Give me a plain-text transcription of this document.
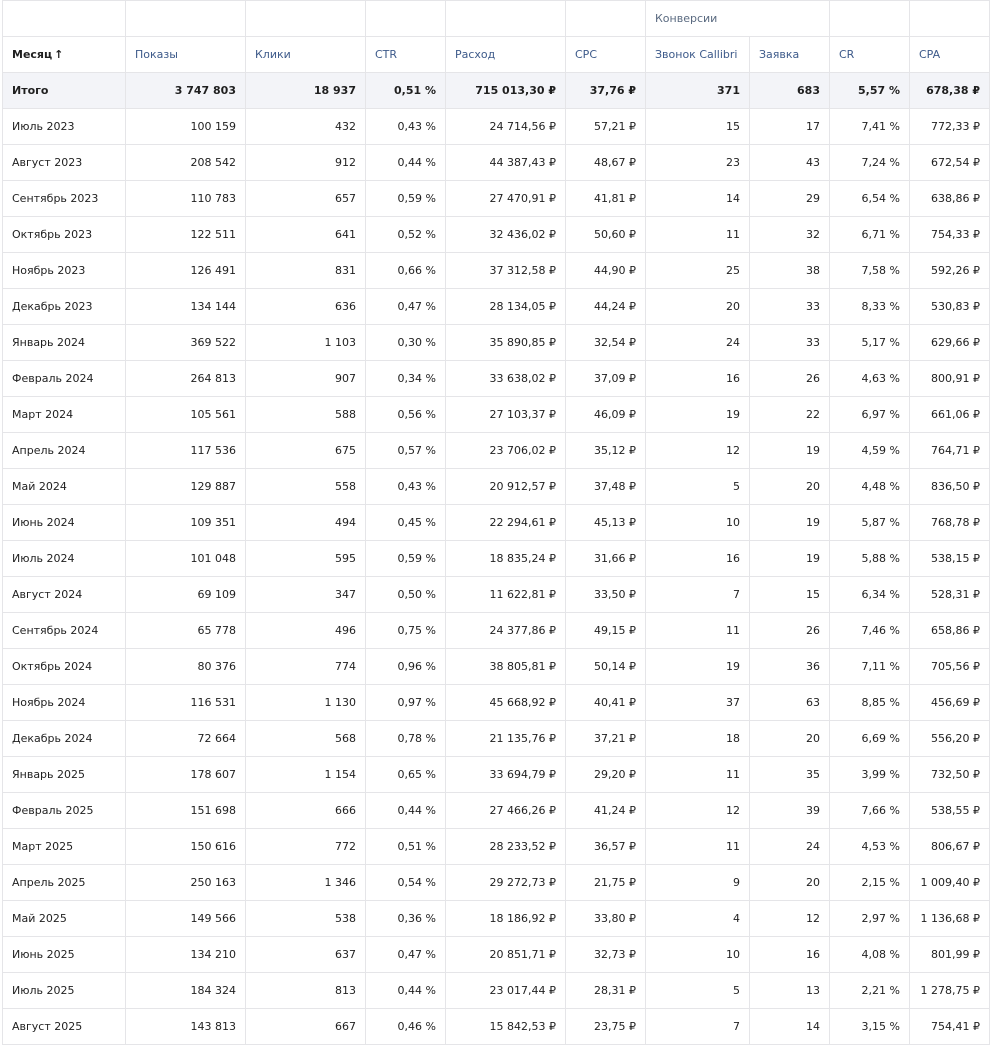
						Конверсии			
Месяц ↑	Показы	Клики	CTR	Расход	CPC	Звонок Callibri	Заявка	CR	CPA
Итого	3 747 803	18 937	0,51 %	715 013,30 ₽	37,76 ₽	371	683	5,57 %	678,38 ₽
Июль 2023	100 159	432	0,43 %	24 714,56 ₽	57,21 ₽	15	17	7,41 %	772,33 ₽
Август 2023	208 542	912	0,44 %	44 387,43 ₽	48,67 ₽	23	43	7,24 %	672,54 ₽
Сентябрь 2023	110 783	657	0,59 %	27 470,91 ₽	41,81 ₽	14	29	6,54 %	638,86 ₽
Октябрь 2023	122 511	641	0,52 %	32 436,02 ₽	50,60 ₽	11	32	6,71 %	754,33 ₽
Ноябрь 2023	126 491	831	0,66 %	37 312,58 ₽	44,90 ₽	25	38	7,58 %	592,26 ₽
Декабрь 2023	134 144	636	0,47 %	28 134,05 ₽	44,24 ₽	20	33	8,33 %	530,83 ₽
Январь 2024	369 522	1 103	0,30 %	35 890,85 ₽	32,54 ₽	24	33	5,17 %	629,66 ₽
Февраль 2024	264 813	907	0,34 %	33 638,02 ₽	37,09 ₽	16	26	4,63 %	800,91 ₽
Март 2024	105 561	588	0,56 %	27 103,37 ₽	46,09 ₽	19	22	6,97 %	661,06 ₽
Апрель 2024	117 536	675	0,57 %	23 706,02 ₽	35,12 ₽	12	19	4,59 %	764,71 ₽
Май 2024	129 887	558	0,43 %	20 912,57 ₽	37,48 ₽	5	20	4,48 %	836,50 ₽
Июнь 2024	109 351	494	0,45 %	22 294,61 ₽	45,13 ₽	10	19	5,87 %	768,78 ₽
Июль 2024	101 048	595	0,59 %	18 835,24 ₽	31,66 ₽	16	19	5,88 %	538,15 ₽
Август 2024	69 109	347	0,50 %	11 622,81 ₽	33,50 ₽	7	15	6,34 %	528,31 ₽
Сентябрь 2024	65 778	496	0,75 %	24 377,86 ₽	49,15 ₽	11	26	7,46 %	658,86 ₽
Октябрь 2024	80 376	774	0,96 %	38 805,81 ₽	50,14 ₽	19	36	7,11 %	705,56 ₽
Ноябрь 2024	116 531	1 130	0,97 %	45 668,92 ₽	40,41 ₽	37	63	8,85 %	456,69 ₽
Декабрь 2024	72 664	568	0,78 %	21 135,76 ₽	37,21 ₽	18	20	6,69 %	556,20 ₽
Январь 2025	178 607	1 154	0,65 %	33 694,79 ₽	29,20 ₽	11	35	3,99 %	732,50 ₽
Февраль 2025	151 698	666	0,44 %	27 466,26 ₽	41,24 ₽	12	39	7,66 %	538,55 ₽
Март 2025	150 616	772	0,51 %	28 233,52 ₽	36,57 ₽	11	24	4,53 %	806,67 ₽
Апрель 2025	250 163	1 346	0,54 %	29 272,73 ₽	21,75 ₽	9	20	2,15 %	1 009,40 ₽
Май 2025	149 566	538	0,36 %	18 186,92 ₽	33,80 ₽	4	12	2,97 %	1 136,68 ₽
Июнь 2025	134 210	637	0,47 %	20 851,71 ₽	32,73 ₽	10	16	4,08 %	801,99 ₽
Июль 2025	184 324	813	0,44 %	23 017,44 ₽	28,31 ₽	5	13	2,21 %	1 278,75 ₽
Август 2025	143 813	667	0,46 %	15 842,53 ₽	23,75 ₽	7	14	3,15 %	754,41 ₽
